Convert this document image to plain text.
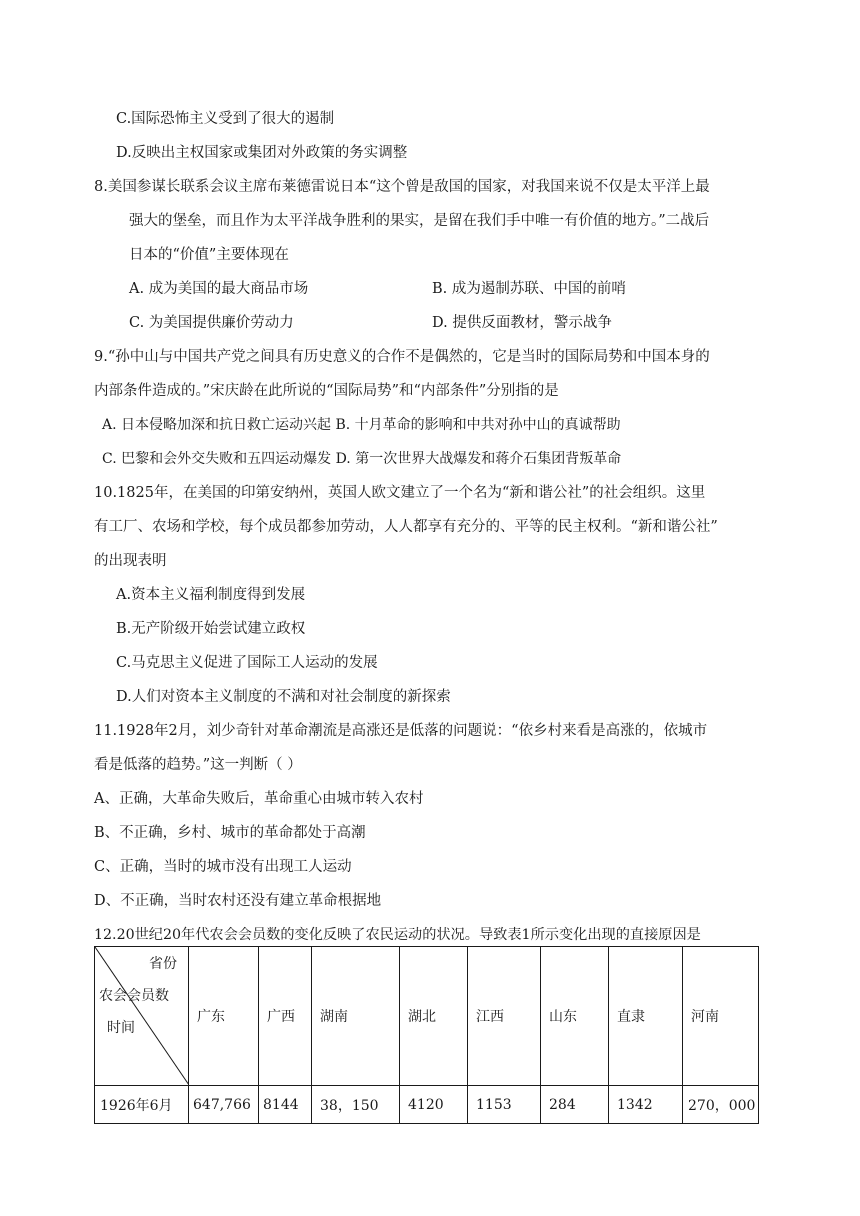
C.国际恐怖主义受到了很大的遏制
D.反映出主权国家或集团对外政策的务实调整
8.美国参谋长联系会议主席布莱德雷说日本“这个曾是敌国的国家，对我国来说不仅是太平洋上最
强大的堡垒，而且作为太平洋战争胜利的果实，是留在我们手中唯一有价值的地方。”二战后
日本的“价值”主要体现在
A. 成为美国的最大商品市场	B. 成为遏制苏联、中国的前哨
C. 为美国提供廉价劳动力	D. 提供反面教材，警示战争
9.“孙中山与中国共产党之间具有历史意义的合作不是偶然的，它是当时的国际局势和中国本身的
内部条件造成的。”宋庆龄在此所说的“国际局势”和“内部条件”分别指的是
A. 日本侵略加深和抗日救亡运动兴起 B. 十月革命的影响和中共对孙中山的真诚帮助
C. 巴黎和会外交失败和五四运动爆发 D. 第一次世界大战爆发和蒋介石集团背叛革命
10.1825年，在美国的印第安纳州，英国人欧文建立了一个名为“新和谐公社”的社会组织。这里
有工厂、农场和学校，每个成员都参加劳动，人人都享有充分的、平等的民主权利。“新和谐公社”
的出现表明
A.资本主义福利制度得到发展
B.无产阶级开始尝试建立政权
C.马克思主义促进了国际工人运动的发展
D.人们对资本主义制度的不满和对社会制度的新探索
11.1928年2月，刘少奇针对革命潮流是高涨还是低落的问题说：“依乡村来看是高涨的，依城市
看是低落的趋势。”这一判断（ ）
A、正确，大革命失败后，革命重心由城市转入农村
B、不正确，乡村、城市的革命都处于高潮
C、正确，当时的城市没有出现工人运动
D、不正确，当时农村还没有建立革命根据地
12.20世纪20年代农会会员数的变化反映了农民运动的状况。导致表1所示变化出现的直接原因是
省份
农会会员数
时间	广东	广西	湖南	湖北	江西	山东	直隶	河南
1926年6月	647,766	8144	38，150	4120	1153	284	1342	270，000
